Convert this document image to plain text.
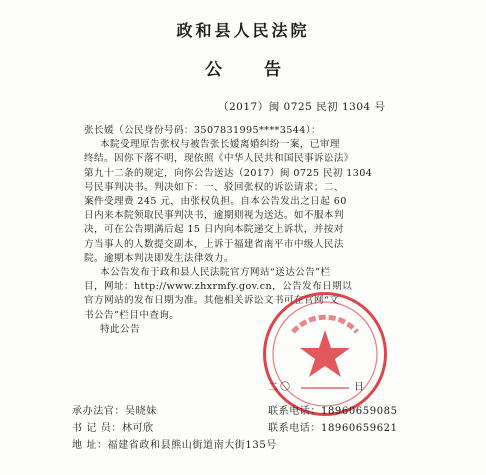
政和县人民法院
公 告
（2017）闽 0725 民初 1304 号
张长媛（公民身份号码：3507831995****3544）：
本院受理原告张权与被告张长媛离婚纠纷一案，已审理
终结。因你下落不明，现依照《中华人民共和国民事诉讼法》
第九十二条的规定，向你公告送达（2017）闽 0725 民初 1304
号民事判决书。判决如下：一、驳回张权的诉讼请求；二、
案件受理费 245 元，由张权负担。自本公告发出之日起 60
日内来本院领取民事判决书，逾期则视为送达。如不服本判
决，可在公告期满后起 15 日内向本院递交上诉状，并按对
方当事人的人数提交副本，上诉于福建省南平市中级人民法
院。逾期本判决即发生法律效力。
本公告发布于政和县人民法院官方网站“送达公告”栏
目，网址：http://www.zhxrmfy.gov.cn，公告发布日期以
官方网站的发布日期为准。其他相关诉讼文书可在官网“文
书公告”栏目中查询。
特此公告
二〇	日
承办法官：吴晓妹
书 记 员：林可欣
地 址：福建省政和县熊山街道南大街135号
联系电话：18960659085
联系电话：18960659621
